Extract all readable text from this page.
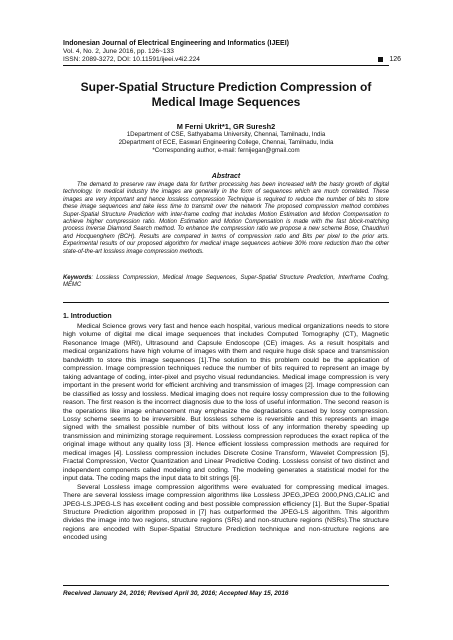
Indonesian Journal of Electrical Engineering and Informatics (IJEEI)
Vol. 4, No. 2, June 2016, pp. 126~133
ISSN: 2089-3272, DOI: 10.11591/ijeei.v4i2.224	126
Super-Spatial Structure Prediction Compression of Medical Image Sequences
M Ferni Ukrit*1, GR Suresh2
1Department of CSE, Sathyabama University, Chennai, Tamilnadu, India
2Department of ECE, Easwari Engineering College, Chennai, Tamilnadu, India
*Corresponding author, e-mail: fernijegan@gmail.com
Abstract
The demand to preserve raw image data for further processing has been increased with the hasty growth of digital technology. In medical industry the images are generally in the form of sequences which are much correlated. These images are very important and hence lossless compression Technique is required to reduce the number of bits to store these image sequences and take less time to transmit over the network The proposed compression method combines Super-Spatial Structure Prediction with inter-frame coding that includes Motion Estimation and Motion Compensation to achieve higher compression ratio. Motion Estimation and Motion Compensation is made with the fast block-matching process Inverse Diamond Search method. To enhance the compression ratio we propose a new scheme Bose, Chaudhuri and Hocquenghem (BCH). Results are compared in terms of compression ratio and Bits per pixel to the prior arts. Experimental results of our proposed algorithm for medical image sequences achieve 30% more reduction than the other state-of-the-art lossless image compression methods.
Keywords: Lossless Compression, Medical Image Sequences, Super-Spatial Structure Prediction, Interframe Coding, MEMC
1. Introduction

Medical Science grows very fast and hence each hospital, various medical organizations needs to store high volume of digital me dical image sequences that includes Computed Tomography (CT), Magnetic Resonance Image (MRI), Ultrasound and Capsule Endoscope (CE) images. As a result hospitals and medical organizations have high volume of images with them and require huge disk space and transmission bandwidth to store this image sequences [1].The solution to this problem could be the application of compression. Image compression techniques reduce the number of bits required to represent an image by taking advantage of coding, inter-pixel and psycho visual redundancies. Medical image compression is very important in the present world for efficient archiving and transmission of images [2]. Image compression can be classified as lossy and lossless. Medical imaging does not require lossy compression due to the following reason. The first reason is the incorrect diagnosis due to the loss of useful information. The second reason is the operations like image enhancement may emphasize the degradations caused by lossy compression. Lossy scheme seems to be irreversible. But lossless scheme is reversible and this represents an image signed with the smallest possible number of bits without loss of any information thereby speeding up transmission and minimizing storage requirement. Lossless compression reproduces the exact replica of the original image without any quality loss [3]. Hence efficient lossless compression methods are required for medical images [4]. Lossless compression includes Discrete Cosine Transform, Wavelet Compression [5], Fractal Compression, Vector Quantization and Linear Predictive Coding. Lossless consist of two distinct and independent components called modeling and coding. The modeling generates a statistical model for the input data. The coding maps the input data to bit strings [6].

Several Lossless image compression algorithms were evaluated for compressing medical images. There are several lossless image compression algorithms like Lossless JPEG,JPEG 2000,PNG,CALIC and JPEG-LS.JPEG-LS has excellent coding and best possible compression efficiency [1]. But the Super-Spatial Structure Prediction algorithm proposed in [7] has outperformed the JPEG-LS algorithm. This algorithm divides the image into two regions, structure regions (SRs) and non-structure regions (NSRs).The structure regions are encoded with Super-Spatial Structure Prediction technique and non-structure regions are encoded using

Received January 24, 2016; Revised April 30, 2016; Accepted May 15, 2016
